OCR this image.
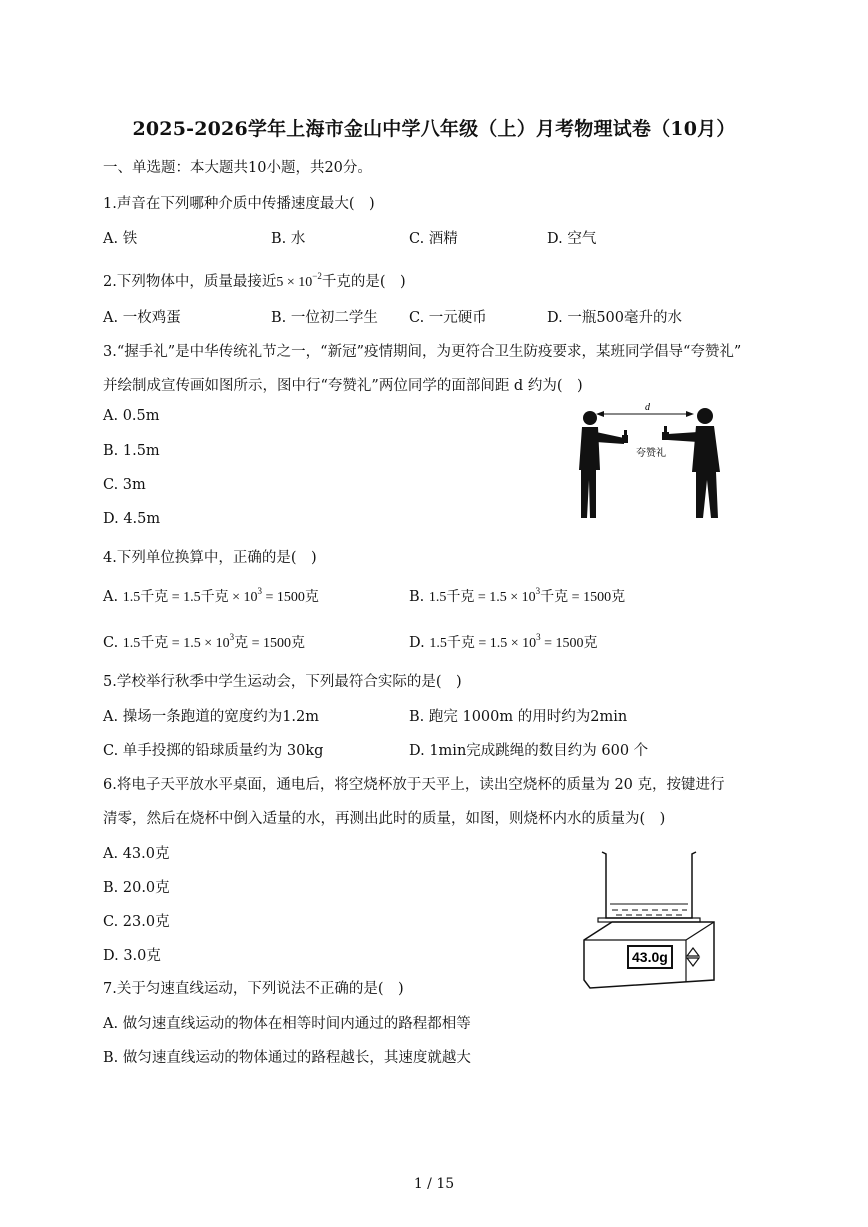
2025-2026学年上海市金山中学八年级（上）月考物理试卷（10月）
一、单选题：本大题共10小题，共20分。
1.声音在下列哪种介质中传播速度最大(　)
A. 铁	B. 水	C. 酒精	D. 空气
2.下列物体中，质量最接近$5 \times 10^{-2}$千克的是(　)
A. 一枚鸡蛋	B. 一位初二学生 C. 一元硬币	D. 一瓶500毫升的水
3.“握手礼”是中华传统礼节之一，“新冠”疫情期间，为更符合卫生防疫要求，某班同学倡导“夸赞礼”
并绘制成宣传画如图所示，图中行“夸赞礼”两位同学的面部间距 d 约为(　)
A. 0.5m
B. 1.5m
C. 3m
D. 4.5m
d
夸赞礼
4.下列单位换算中，正确的是(　)
A. 1.5千克 = 1.5千克 × $10^3 = 1500$克	B. 1.5千克 = $1.5 \times 10^3$千克 = 1500克
C. 1.5千克 = $1.5 \times 10^3$克 = 1500克	D. 1.5千克 = $1.5 \times 10^3 = 1500$克
5.学校举行秋季中学生运动会，下列最符合实际的是(　)
A. 操场一条跑道的宽度约为1.2m	B. 跑完 1000m 的用时约为2min
C. 单手投掷的铅球质量约为 30kg	D. 1min完成跳绳的数目约为 600 个
6.将电子天平放水平桌面，通电后，将空烧杯放于天平上，读出空烧杯的质量为 20 克，按键进行
清零，然后在烧杯中倒入适量的水，再测出此时的质量，如图，则烧杯内水的质量为(　)
A. 43.0克
B. 20.0克
C. 23.0克
D. 3.0克	43.0g
7.关于匀速直线运动，下列说法不正确的是(　)
A. 做匀速直线运动的物体在相等时间内通过的路程都相等
B. 做匀速直线运动的物体通过的路程越长，其速度就越大
1 / 15
